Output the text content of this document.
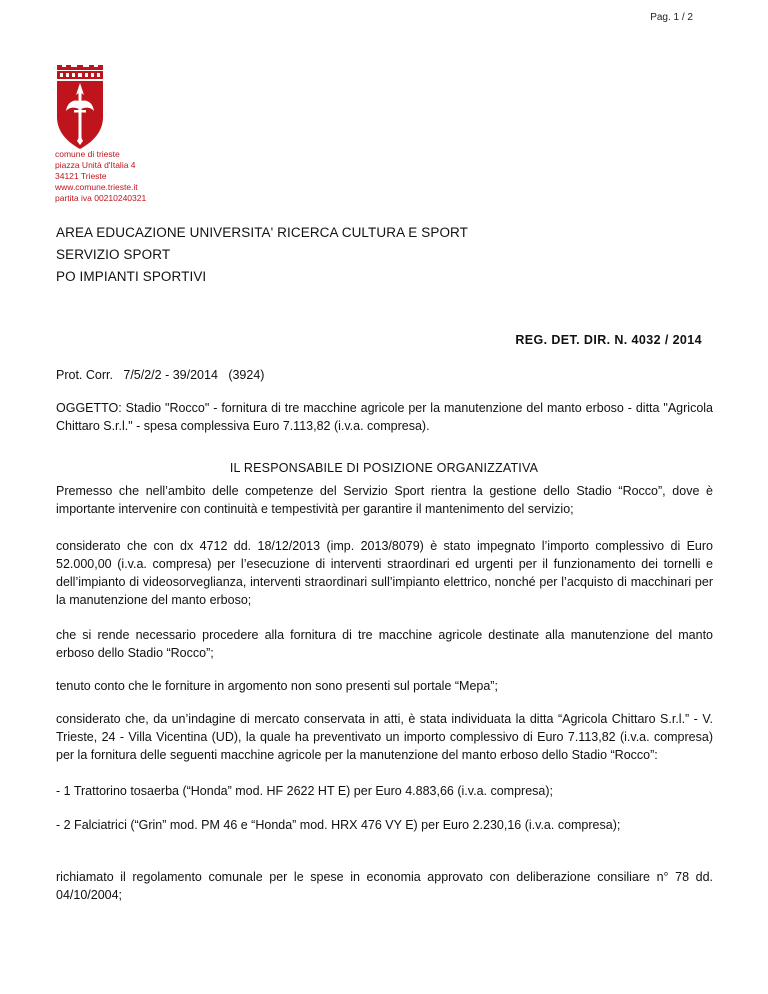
Pag. 1 / 2
comune di trieste
piazza Unità d'Italia 4
34121 Trieste
www.comune.trieste.it
partita iva 00210240321
AREA EDUCAZIONE UNIVERSITA' RICERCA CULTURA E SPORT
SERVIZIO SPORT
PO IMPIANTI SPORTIVI
REG. DET. DIR. N. 4032 / 2014
Prot. Corr.   7/5/2/2 - 39/2014   (3924)
OGGETTO: Stadio "Rocco" - fornitura di tre macchine agricole per la manutenzione del manto erboso - ditta "Agricola Chittaro S.r.l." - spesa complessiva Euro 7.113,82 (i.v.a. compresa).
IL RESPONSABILE DI POSIZIONE ORGANIZZATIVA
Premesso che nell’ambito delle competenze del Servizio Sport rientra la gestione dello Stadio “Rocco”, dove è importante intervenire con continuità e tempestività per garantire il mantenimento del servizio;
considerato che con dx 4712 dd. 18/12/2013 (imp. 2013/8079) è stato impegnato l’importo complessivo di Euro 52.000,00 (i.v.a. compresa) per l’esecuzione di interventi straordinari ed urgenti per il funzionamento dei tornelli e dell’impianto di videosorveglianza, interventi straordinari sull’impianto elettrico, nonché per l’acquisto di macchinari per la manutenzione del manto erboso;
che si rende necessario procedere alla fornitura di tre macchine agricole destinate alla manutenzione del manto erboso dello Stadio “Rocco”;
tenuto conto che le forniture in argomento non sono presenti sul portale “Mepa”;
considerato che, da un’indagine di mercato conservata in atti, è stata individuata la ditta “Agricola Chittaro S.r.l.” - V. Trieste, 24 - Villa Vicentina (UD), la quale ha preventivato un importo complessivo di Euro 7.113,82 (i.v.a. compresa) per la fornitura delle seguenti macchine agricole per la manutenzione del manto erboso dello Stadio “Rocco”:
- 1 Trattorino tosaerba (“Honda” mod. HF 2622 HT E) per Euro 4.883,66 (i.v.a. compresa);
- 2 Falciatrici (“Grin” mod. PM 46 e “Honda” mod. HRX 476 VY E) per Euro 2.230,16 (i.v.a. compresa);
richiamato il regolamento comunale per le spese in economia approvato con deliberazione consiliare n° 78 dd. 04/10/2004;
